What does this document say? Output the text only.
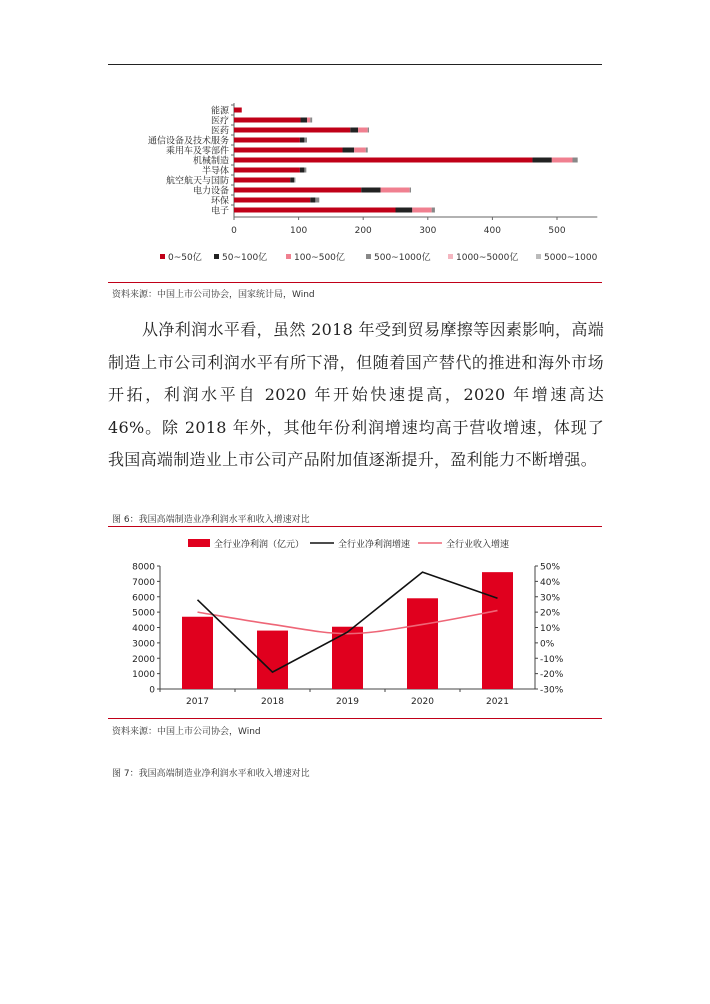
能源
医疗
医药
通信设备及技术服务
乘用车及零部件
机械制造
半导体
航空航天与国防
电力设备
环保
电子
0	100	200	300	400	500
0~50亿 50~100亿	100~500亿	500~1000亿	1000~5000亿	5000~1000
资料来源：中国上市公司协会，国家统计局，Wind

从净利润水平看，虽然 2018 年受到贸易摩擦等因素影响，高端制造上市公司利润水平有所下滑，但随着国产替代的推进和海外市场开拓，利润水平自 2020 年开始快速提高，2020 年增速高达 46%。除 2018 年外，其他年份利润增速均高于营收增速，体现了我国高端制造业上市公司产品附加值逐渐提升，盈利能力不断增强。

图 6：我国高端制造业净利润水平和收入增速对比
全行业净利润（亿元）	全行业净利润增速	全行业收入增速
0
1000
2000
3000
4000
5000
6000
7000
8000
-30%
-20%
-10%
0%
10%
20%
30%
40%
50%
2017	2018	2019	2020	2021
资料来源：中国上市公司协会，Wind
图 7：我国高端制造业净利润水平和收入增速对比
